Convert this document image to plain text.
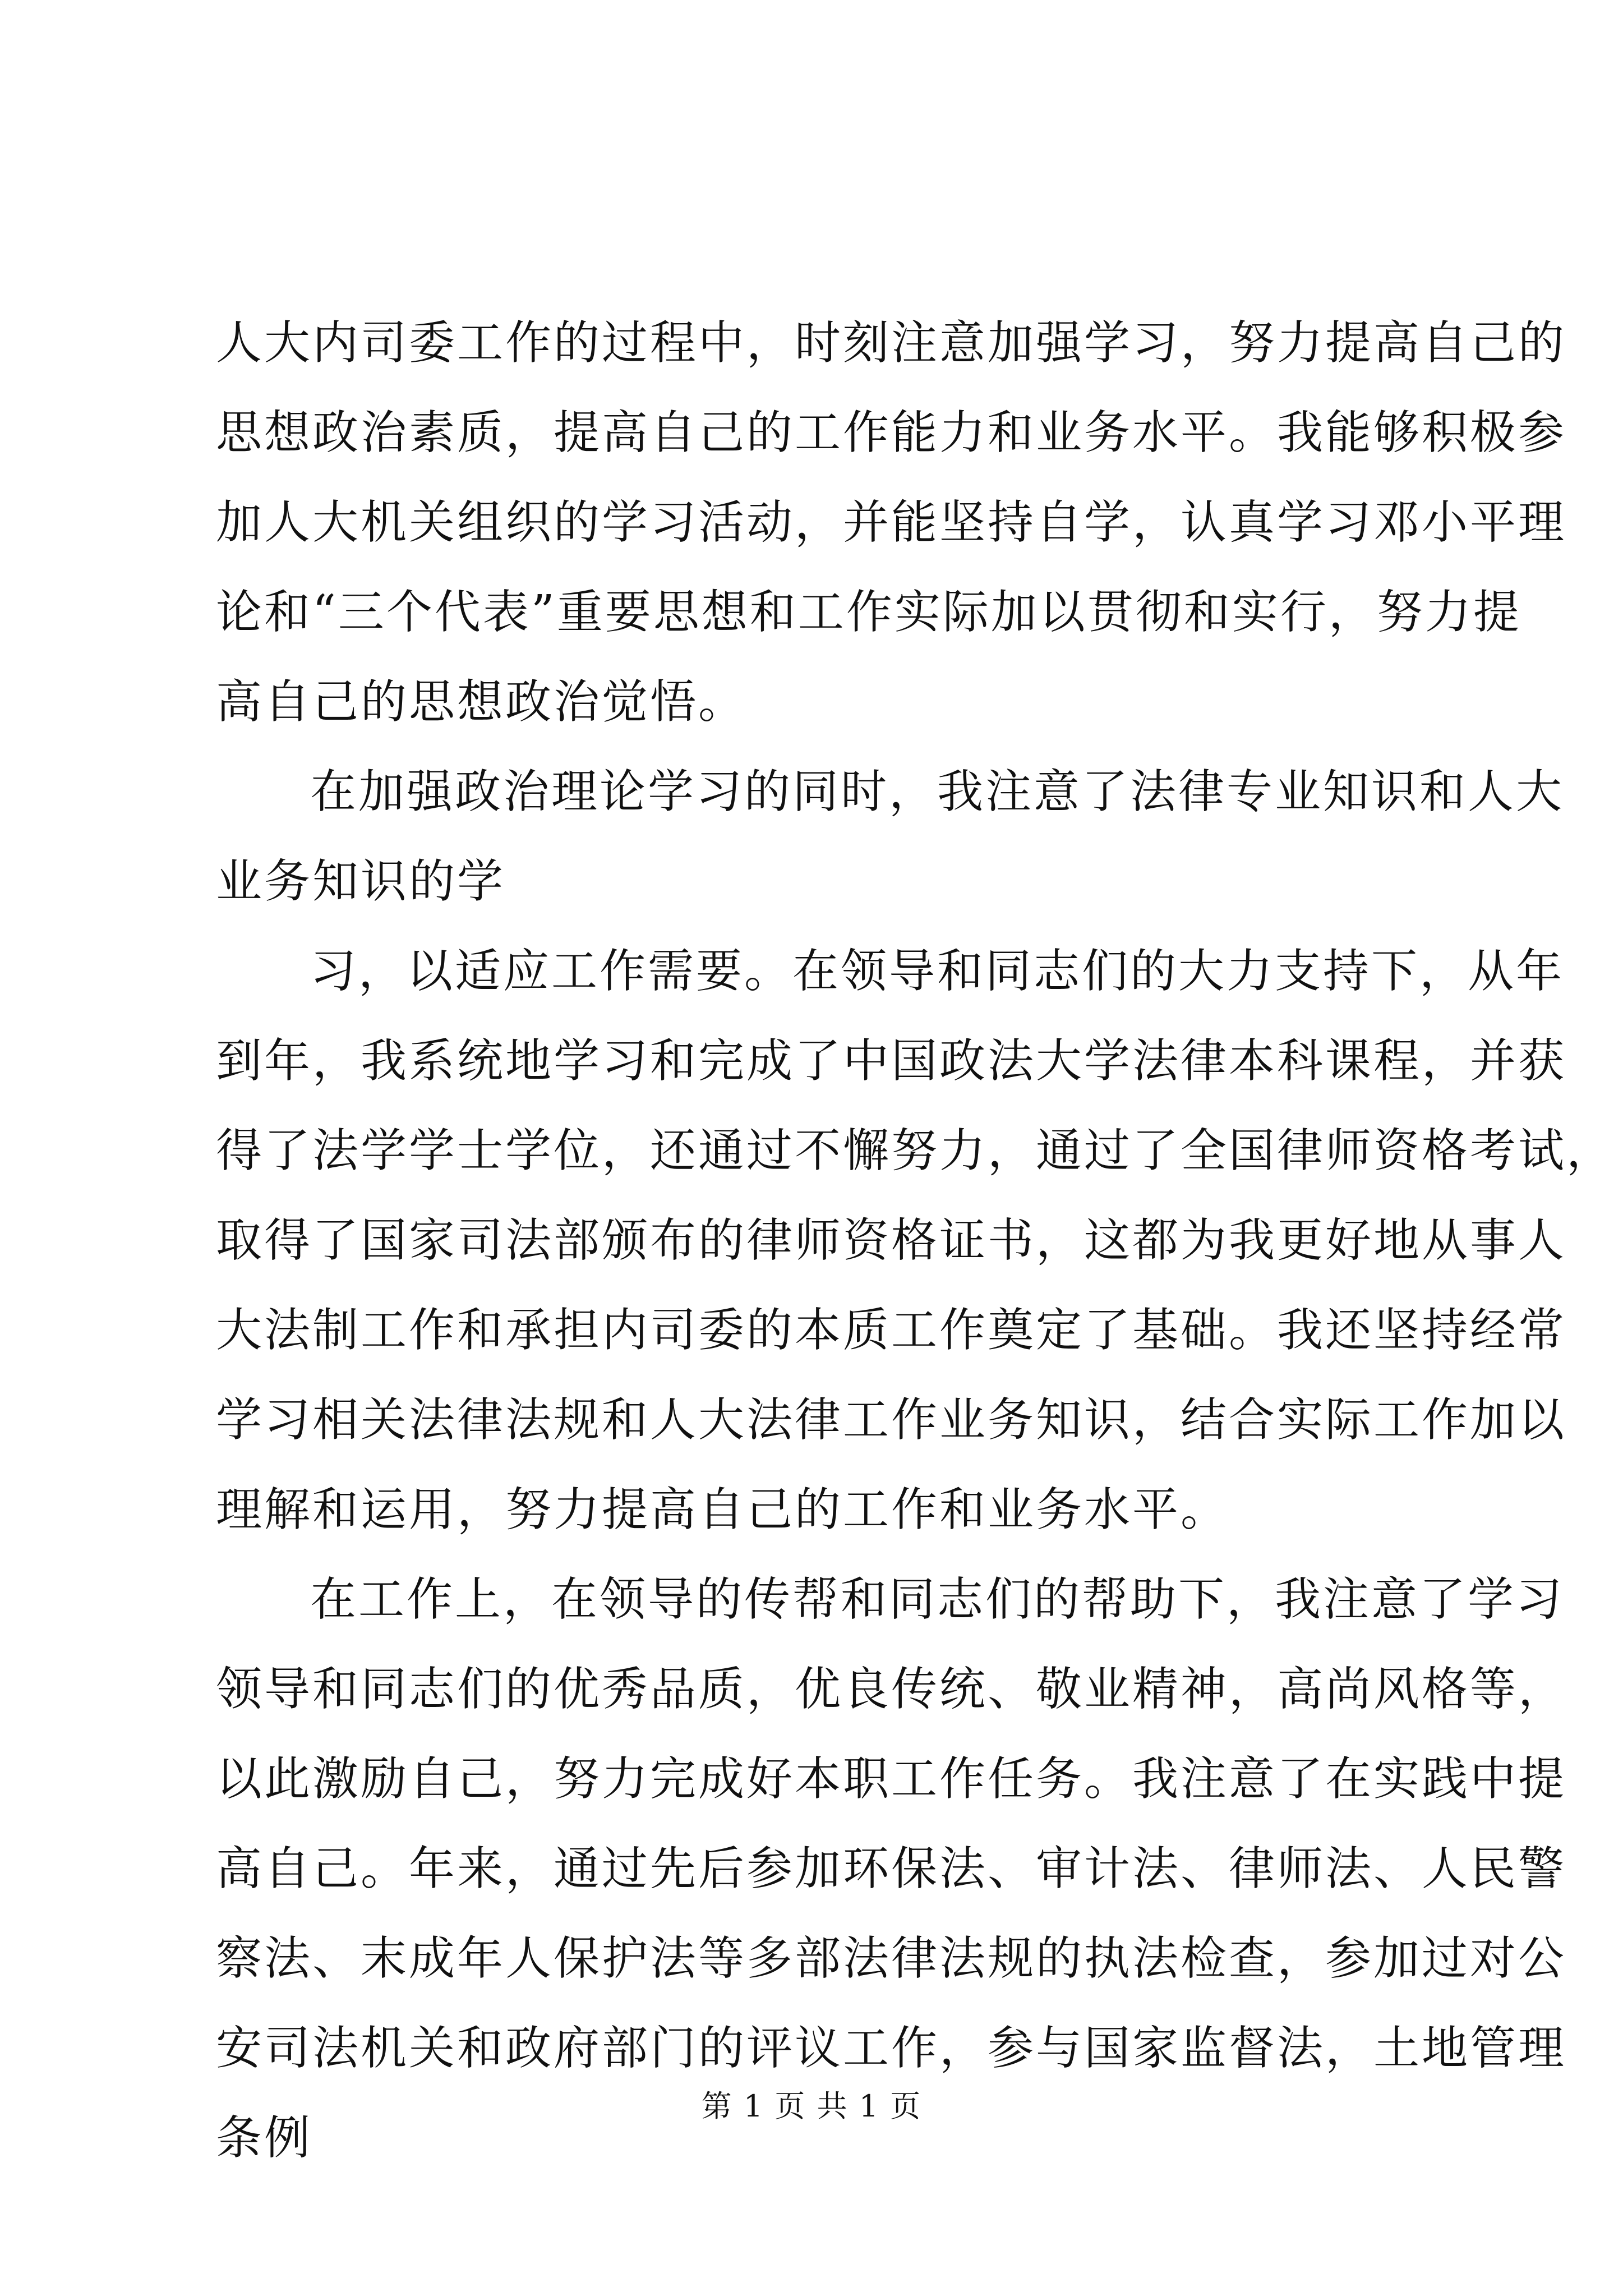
人大内司委工作的过程中，时刻注意加强学习，努力提高自己的
思想政治素质，提高自己的工作能力和业务水平。我能够积极参
加人大机关组织的学习活动，并能坚持自学，认真学习邓小平理
论和“三个代表”重要思想和工作实际加以贯彻和实行，努力提
高自己的思想政治觉悟。
在加强政治理论学习的同时，我注意了法律专业知识和人大
业务知识的学
习，以适应工作需要。在领导和同志们的大力支持下，从年
到年，我系统地学习和完成了中国政法大学法律本科课程，并获
得了法学学士学位，还通过不懈努力，通过了全国律师资格考试，
取得了国家司法部颁布的律师资格证书，这都为我更好地从事人
大法制工作和承担内司委的本质工作奠定了基础。我还坚持经常
学习相关法律法规和人大法律工作业务知识，结合实际工作加以
理解和运用，努力提高自己的工作和业务水平。
在工作上，在领导的传帮和同志们的帮助下，我注意了学习
领导和同志们的优秀品质，优良传统、敬业精神，高尚风格等，
以此激励自己，努力完成好本职工作任务。我注意了在实践中提
高自己。年来，通过先后参加环保法、审计法、律师法、人民警
察法、末成年人保护法等多部法律法规的执法检查，参加过对公
安司法机关和政府部门的评议工作，参与国家监督法，土地管理
条例
第 1 页 共 1 页
